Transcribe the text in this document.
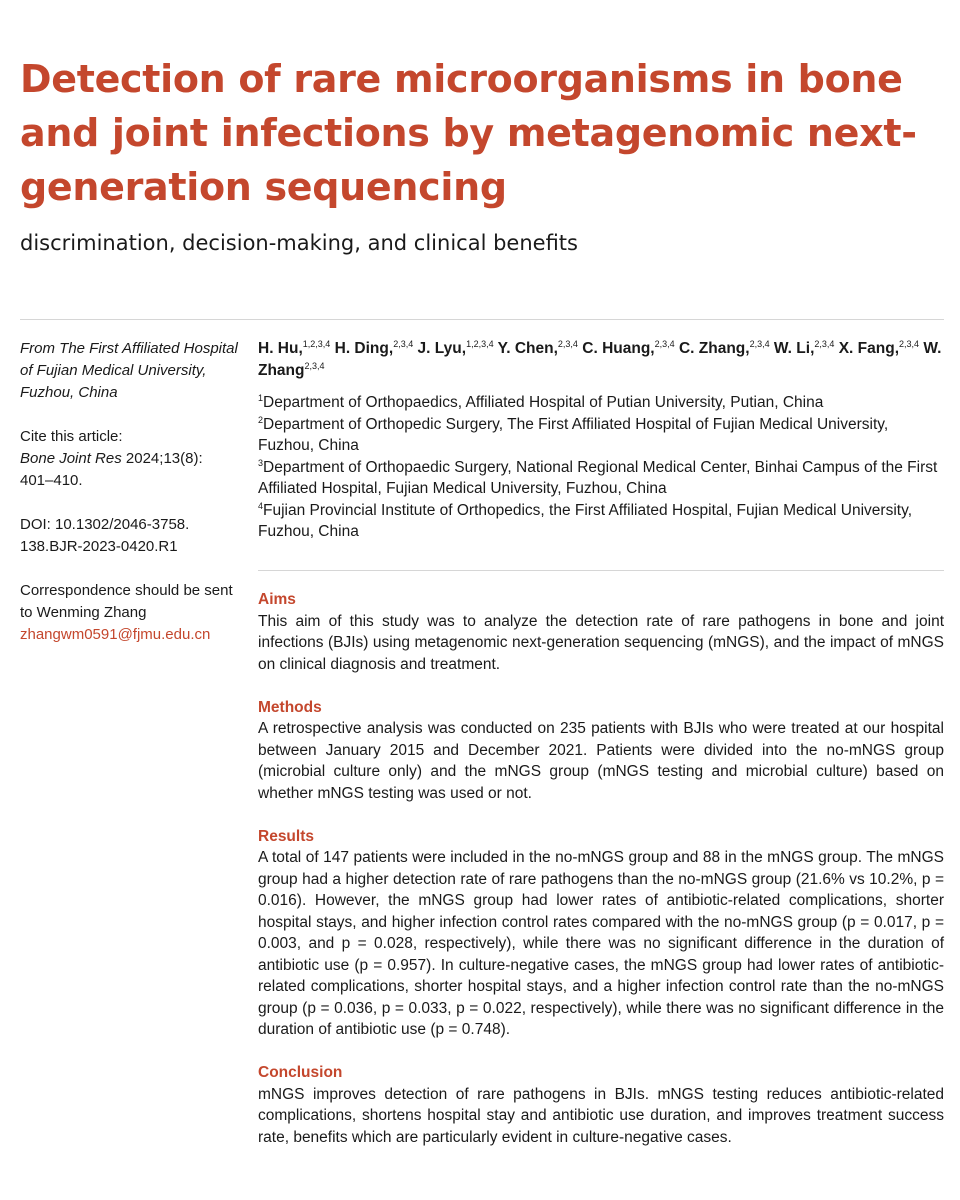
Detection of rare microorganisms in bone and joint infections by metagenomic next-generation sequencing
discrimination, decision-making, and clinical benefits
From The First Affiliated Hospital of Fujian Medical University, Fuzhou, China
Cite this article:
Bone Joint Res 2024;13(8): 401–410.
DOI: 10.1302/2046-3758. 138.BJR-2023-0420.R1
Correspondence should be sent to Wenming Zhang
zhangwm0591@fjmu.edu.cn
H. Hu,$^{1,2,3,4}$ H. Ding,$^{2,3,4}$ J. Lyu,$^{1,2,3,4}$ Y. Chen,$^{2,3,4}$ C. Huang,$^{2,3,4}$ C. Zhang,$^{2,3,4}$ W. Li,$^{2,3,4}$ X. Fang,$^{2,3,4}$ W. Zhang$^{2,3,4}$
$^1$Department of Orthopaedics, Affiliated Hospital of Putian University, Putian, China
$^2$Department of Orthopedic Surgery, The First Affiliated Hospital of Fujian Medical University, Fuzhou, China
$^3$Department of Orthopaedic Surgery, National Regional Medical Center, Binhai Campus of the First Affiliated Hospital, Fujian Medical University, Fuzhou, China
$^4$Fujian Provincial Institute of Orthopedics, the First Affiliated Hospital, Fujian Medical University, Fuzhou, China
Aims

This aim of this study was to analyze the detection rate of rare pathogens in bone and joint infections (BJIs) using metagenomic next-generation sequencing (mNGS), and the impact of mNGS on clinical diagnosis and treatment.

Methods

A retrospective analysis was conducted on 235 patients with BJIs who were treated at our hospital between January 2015 and December 2021. Patients were divided into the no-mNGS group (microbial culture only) and the mNGS group (mNGS testing and microbial culture) based on whether mNGS testing was used or not.

Results

A total of 147 patients were included in the no-mNGS group and 88 in the mNGS group. The mNGS group had a higher detection rate of rare pathogens than the no-mNGS group (21.6% vs 10.2%, p = 0.016). However, the mNGS group had lower rates of antibiotic-related complications, shorter hospital stays, and higher infection control rates compared with the no-mNGS group (p = 0.017, p = 0.003, and p = 0.028, respectively), while there was no significant difference in the duration of antibiotic use (p = 0.957). In culture-negative cases, the mNGS group had lower rates of antibiotic-related complications, shorter hospital stays, and a higher infection control rate than the no-mNGS group (p = 0.036, p = 0.033, p = 0.022, respectively), while there was no significant difference in the duration of antibiotic use (p = 0.748).

Conclusion

mNGS improves detection of rare pathogens in BJIs. mNGS testing reduces antibiotic-related complications, shortens hospital stay and antibiotic use duration, and improves treatment success rate, benefits which are particularly evident in culture-negative cases.
